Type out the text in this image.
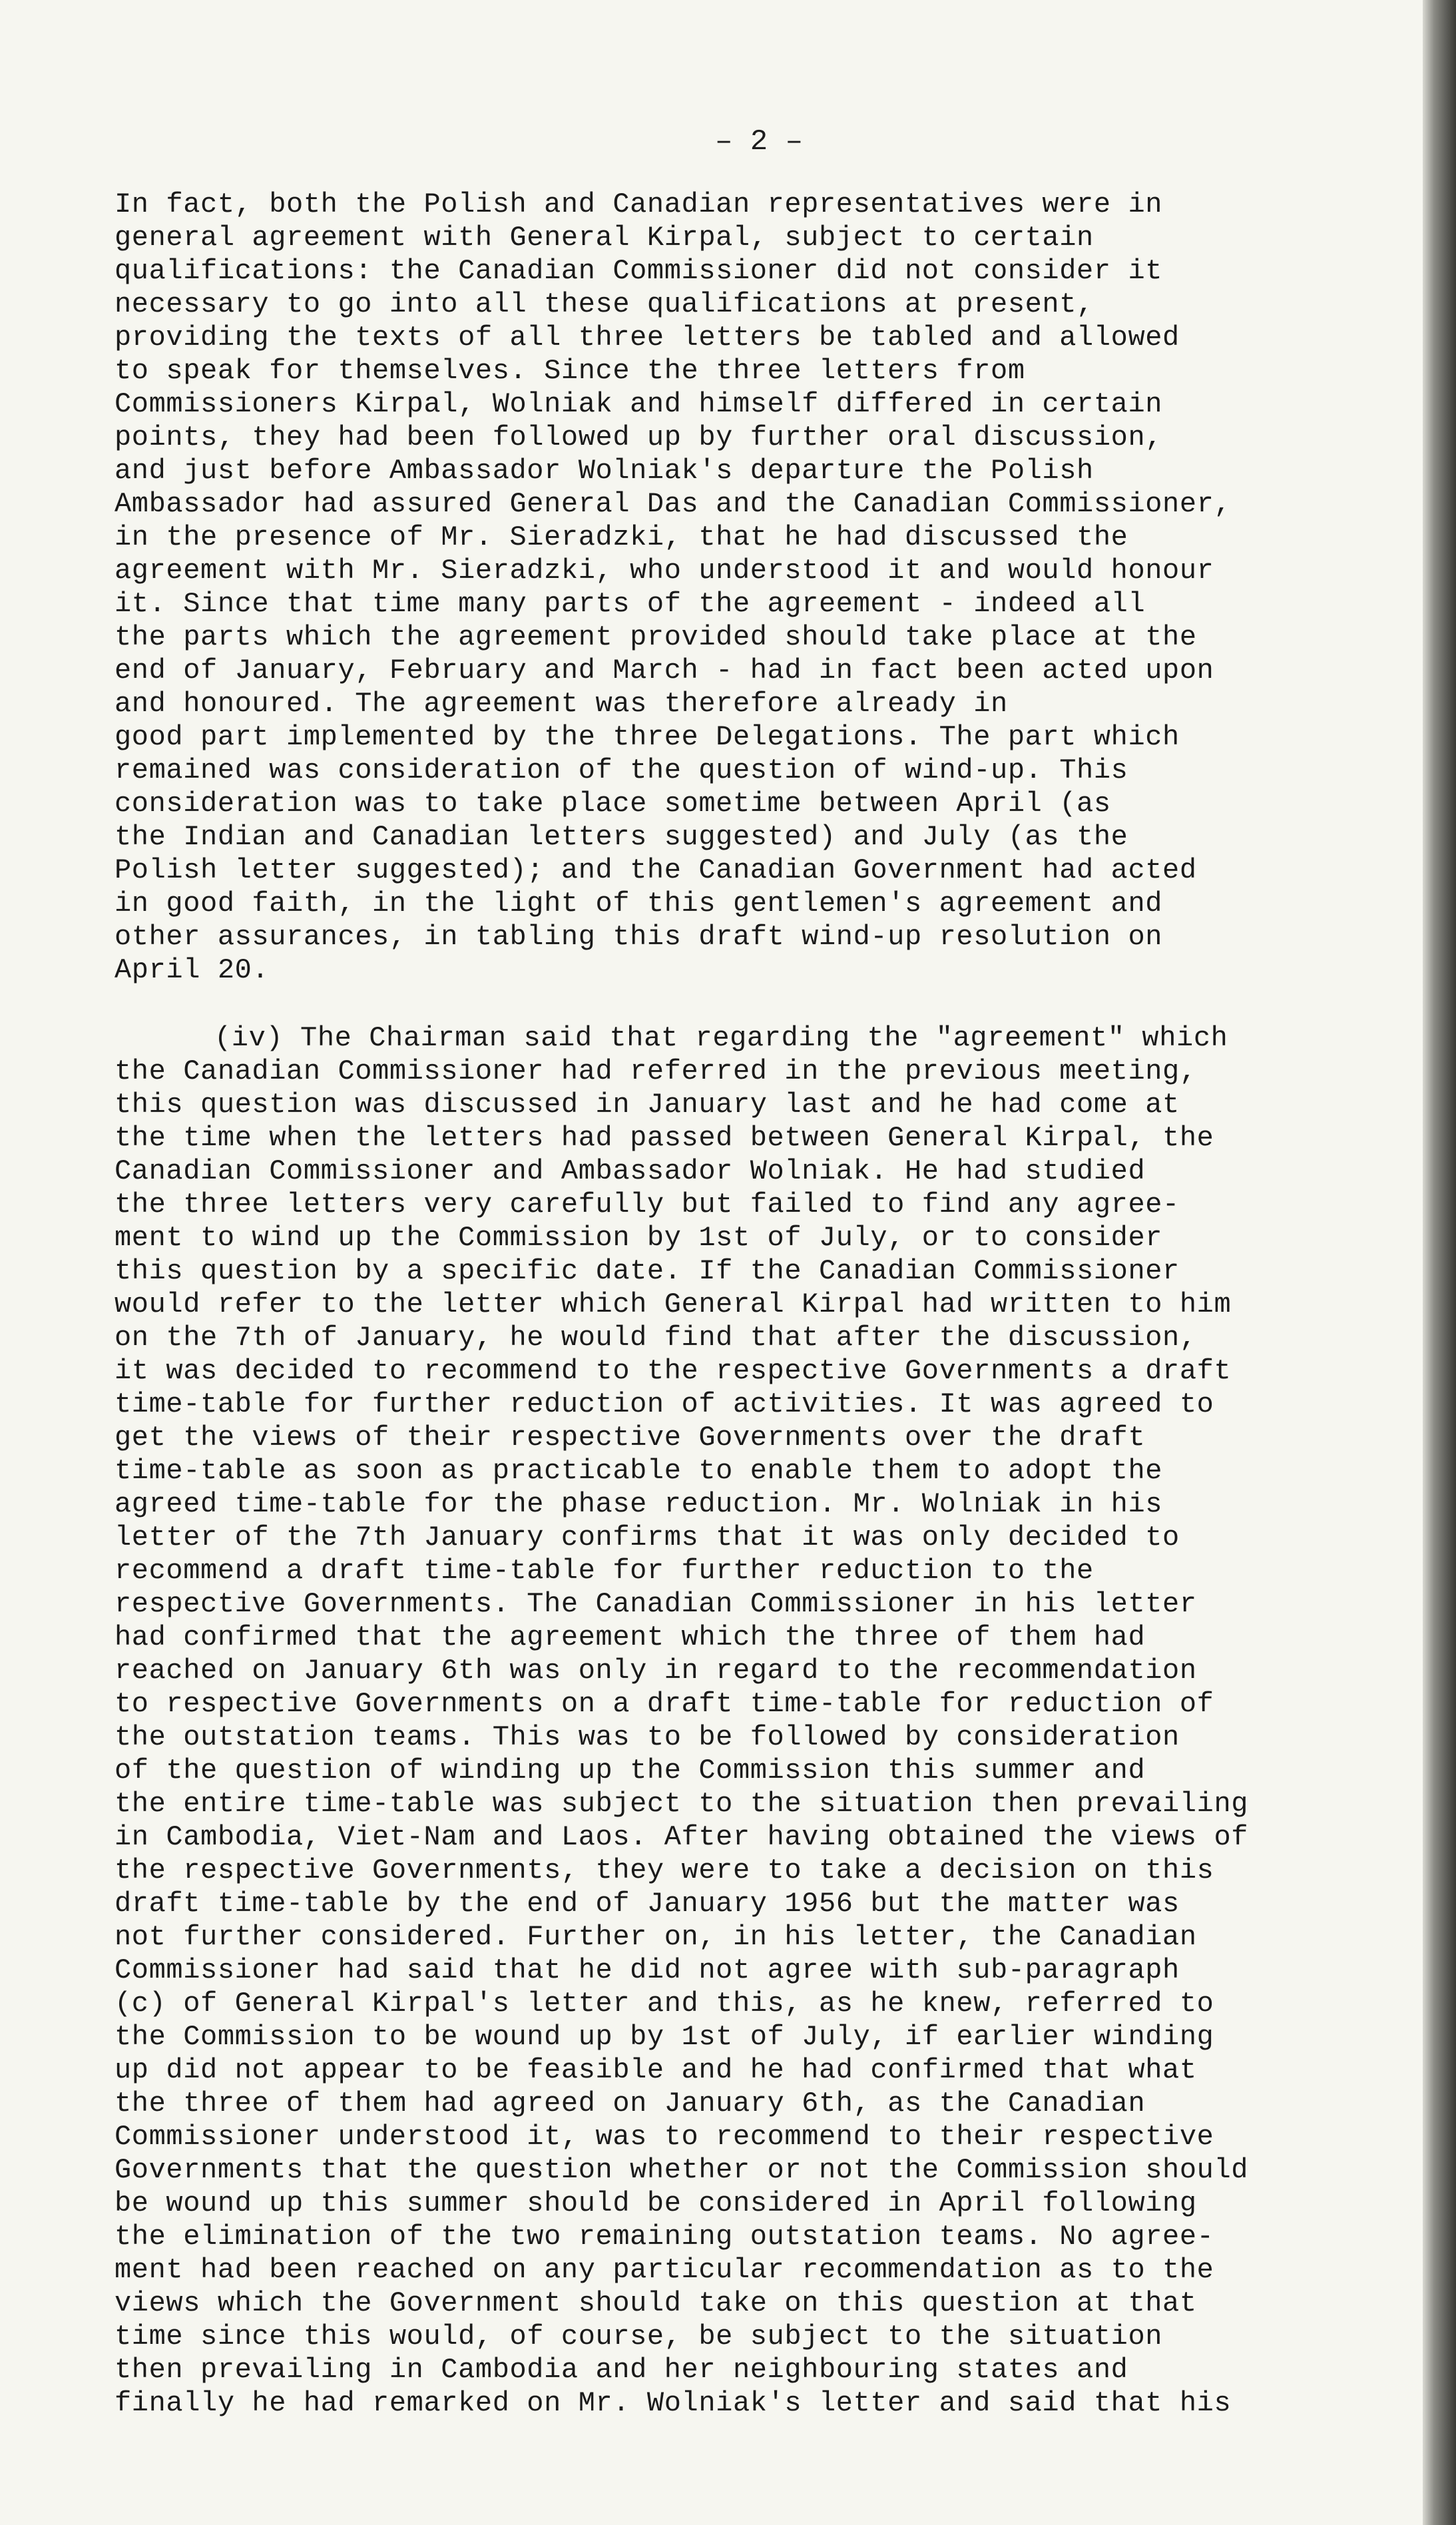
– 2 –
In fact, both the Polish and Canadian representatives were in
general agreement with General Kirpal, subject to certain
qualifications: the Canadian Commissioner did not consider it
necessary to go into all these qualifications at present,
providing the texts of all three letters be tabled and allowed
to speak for themselves. Since the three letters from
Commissioners Kirpal, Wolniak and himself differed in certain
points, they had been followed up by further oral discussion,
and just before Ambassador Wolniak's departure the Polish
Ambassador had assured General Das and the Canadian Commissioner,
in the presence of Mr. Sieradzki, that he had discussed the
agreement with Mr. Sieradzki, who understood it and would honour
it. Since that time many parts of the agreement - indeed all
the parts which the agreement provided should take place at the
end of January, February and March - had in fact been acted upon
and honoured. The agreement was therefore already in
good part implemented by the three Delegations. The part which
remained was consideration of the question of wind-up. This
consideration was to take place sometime between April (as
the Indian and Canadian letters suggested) and July (as the
Polish letter suggested); and the Canadian Government had acted
in good faith, in the light of this gentlemen's agreement and
other assurances, in tabling this draft wind-up resolution on
April 20.
(iv) The Chairman said that regarding the "agreement" which
the Canadian Commissioner had referred in the previous meeting,
this question was discussed in January last and he had come at
the time when the letters had passed between General Kirpal, the
Canadian Commissioner and Ambassador Wolniak. He had studied
the three letters very carefully but failed to find any agree-
ment to wind up the Commission by 1st of July, or to consider
this question by a specific date. If the Canadian Commissioner
would refer to the letter which General Kirpal had written to him
on the 7th of January, he would find that after the discussion,
it was decided to recommend to the respective Governments a draft
time-table for further reduction of activities. It was agreed to
get the views of their respective Governments over the draft
time-table as soon as practicable to enable them to adopt the
agreed time-table for the phase reduction. Mr. Wolniak in his
letter of the 7th January confirms that it was only decided to
recommend a draft time-table for further reduction to the
respective Governments. The Canadian Commissioner in his letter
had confirmed that the agreement which the three of them had
reached on January 6th was only in regard to the recommendation
to respective Governments on a draft time-table for reduction of
the outstation teams. This was to be followed by consideration
of the question of winding up the Commission this summer and
the entire time-table was subject to the situation then prevailing
in Cambodia, Viet-Nam and Laos. After having obtained the views of
the respective Governments, they were to take a decision on this
draft time-table by the end of January 1956 but the matter was
not further considered. Further on, in his letter, the Canadian
Commissioner had said that he did not agree with sub-paragraph
(c) of General Kirpal's letter and this, as he knew, referred to
the Commission to be wound up by 1st of July, if earlier winding
up did not appear to be feasible and he had confirmed that what
the three of them had agreed on January 6th, as the Canadian
Commissioner understood it, was to recommend to their respective
Governments that the question whether or not the Commission should
be wound up this summer should be considered in April following
the elimination of the two remaining outstation teams. No agree-
ment had been reached on any particular recommendation as to the
views which the Government should take on this question at that
time since this would, of course, be subject to the situation
then prevailing in Cambodia and her neighbouring states and
finally he had remarked on Mr. Wolniak's letter and said that his
